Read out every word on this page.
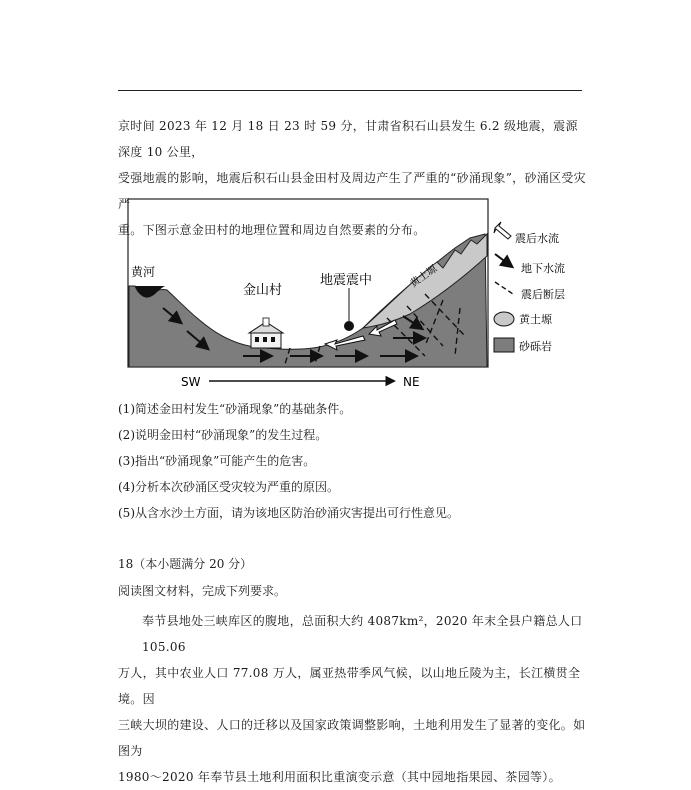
京时间 2023 年 12 月 18 日 23 时 59 分，甘肃省积石山县发生 6.2 级地震，震源深度 10 公里，

受强地震的影响，地震后积石山县金田村及周边产生了严重的“砂涌现象”，砂涌区受灾严

重。下图示意金田村的地理位置和周边自然要素的分布。

黄河
金山村
地震震中	黄土塬
SW	NE
震后水流
地下水流
震后断层
黄土塬
砂砾岩
(1)简述金田村发生“砂涌现象”的基础条件。
(2)说明金田村“砂涌现象”的发生过程。
(3)指出“砂涌现象”可能产生的危害。
(4)分析本次砂涌区受灾较为严重的原因。
(5)从含水沙土方面，请为该地区防治砂涌灾害提出可行性意见。
18（本小题满分 20 分）
阅读图文材料，完成下列要求。

奉节县地处三峡库区的腹地，总面积大约 4087km²，2020 年末全县户籍总人口 105.06

万人，其中农业人口 77.08 万人，属亚热带季风气候，以山地丘陵为主，长江横贯全境。因

三峡大坝的建设、人口的迁移以及国家政策调整影响，土地利用发生了显著的变化。如图为

1980～2020 年奉节县土地利用面积比重演变示意（其中园地指果园、茶园等）。
